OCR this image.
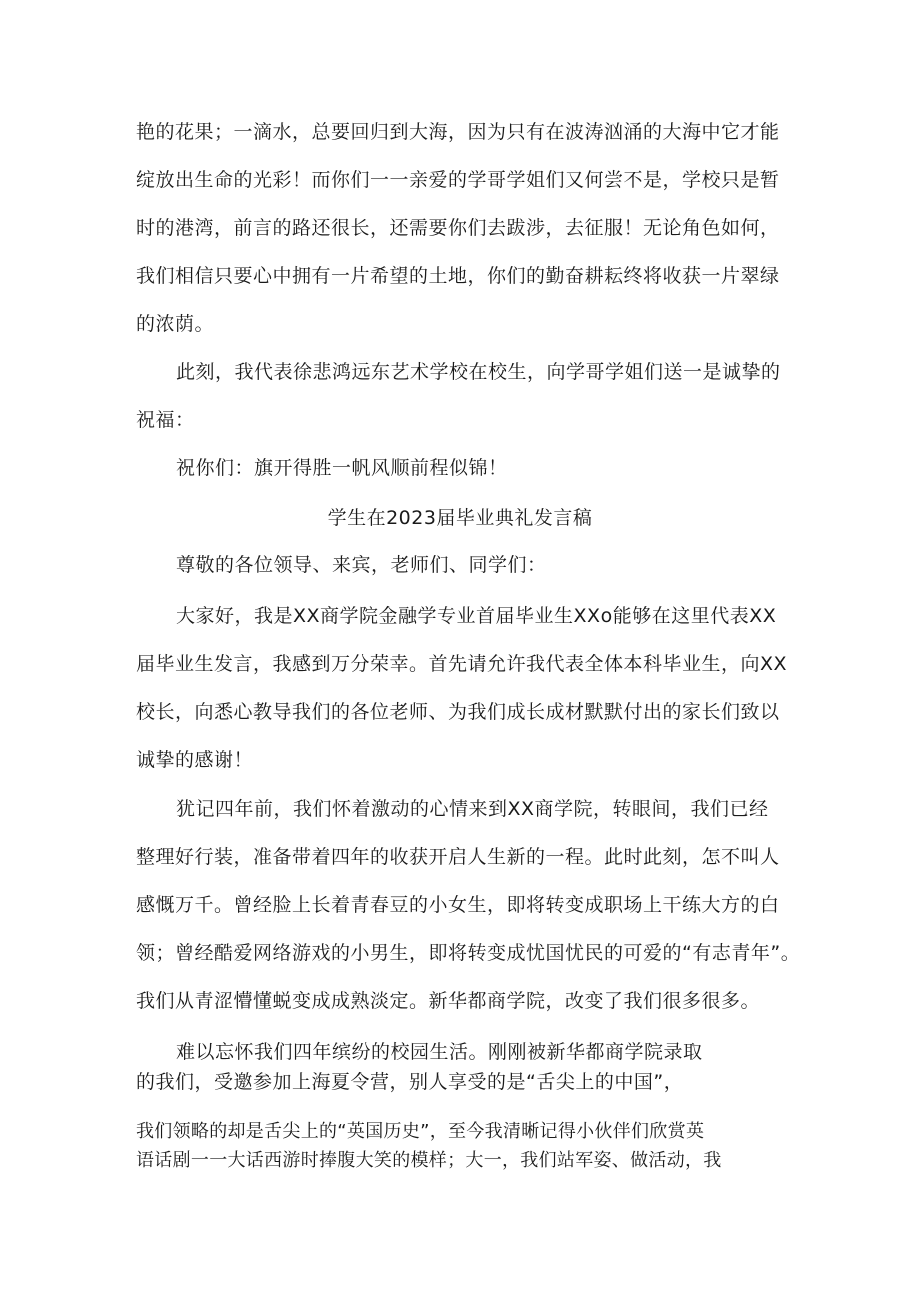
艳的花果；一滴水，总要回归到大海，因为只有在波涛汹涌的大海中它才能
绽放出生命的光彩！而你们一一亲爱的学哥学姐们又何尝不是，学校只是暂
时的港湾，前言的路还很长，还需要你们去跋涉，去征服！无论角色如何，
我们相信只要心中拥有一片希望的土地，你们的勤奋耕耘终将收获一片翠绿
的浓荫。
此刻，我代表徐悲鸿远东艺术学校在校生，向学哥学姐们送一是诚挚的
祝福：
祝你们：旗开得胜一帆风顺前程似锦！
学生在2023届毕业典礼发言稿
尊敬的各位领导、来宾，老师们、同学们：
大家好，我是XX商学院金融学专业首届毕业生XXo能够在这里代表XX
届毕业生发言，我感到万分荣幸。首先请允许我代表全体本科毕业生，向XX
校长，向悉心教导我们的各位老师、为我们成长成材默默付出的家长们致以
诚挚的感谢！
犹记四年前，我们怀着激动的心情来到XX商学院，转眼间，我们已经
整理好行装，准备带着四年的收获开启人生新的一程。此时此刻，怎不叫人
感慨万千。曾经脸上长着青春豆的小女生，即将转变成职场上干练大方的白
领；曾经酷爱网络游戏的小男生，即将转变成忧国忧民的可爱的“有志青年”。
我们从青涩懵懂蜕变成成熟淡定。新华都商学院，改变了我们很多很多。
难以忘怀我们四年缤纷的校园生活。刚刚被新华都商学院录取
的我们，受邀参加上海夏令营，别人享受的是“舌尖上的中国”，
我们领略的却是舌尖上的“英国历史”，至今我清晰记得小伙伴们欣赏英
语话剧一一大话西游时捧腹大笑的模样；大一，我们站军姿、做活动，我
